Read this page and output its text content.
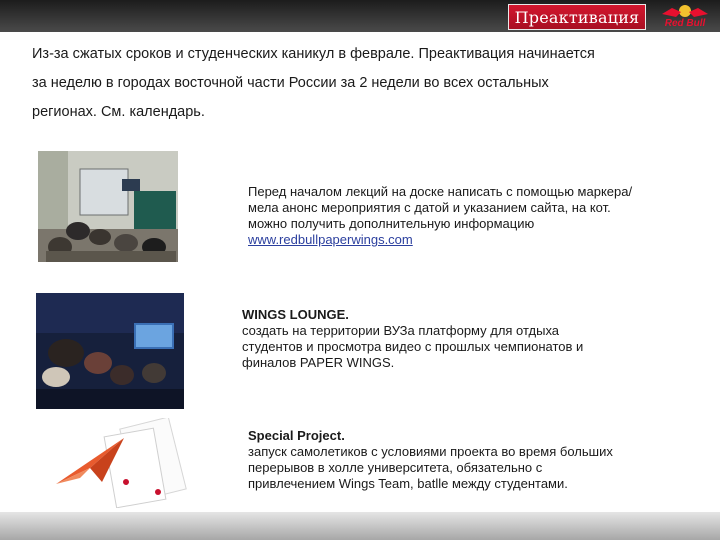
Преактивация	Red Bull
Из-за сжатых сроков и студенческих каникул в феврале. Преактивация начинается
за неделю в городах восточной части России за 2 недели во всех остальных
регионах. См. календарь.
Перед началом лекций на доске написать с помощью маркера/
мела анонс мероприятия с датой и указанием сайта, на кот.
можно получить дополнительную информацию
www.redbullpaperwings.com
WINGS LOUNGE.
создать на территории ВУЗа платформу для отдыха
студентов и просмотра видео с прошлых чемпионатов и
финалов PAPER WINGS.
Special Project.
запуск самолетиков с условиями проекта во время больших
перерывов в холле университета, обязательно с
привлечением Wings Team, batlle между студентами.
